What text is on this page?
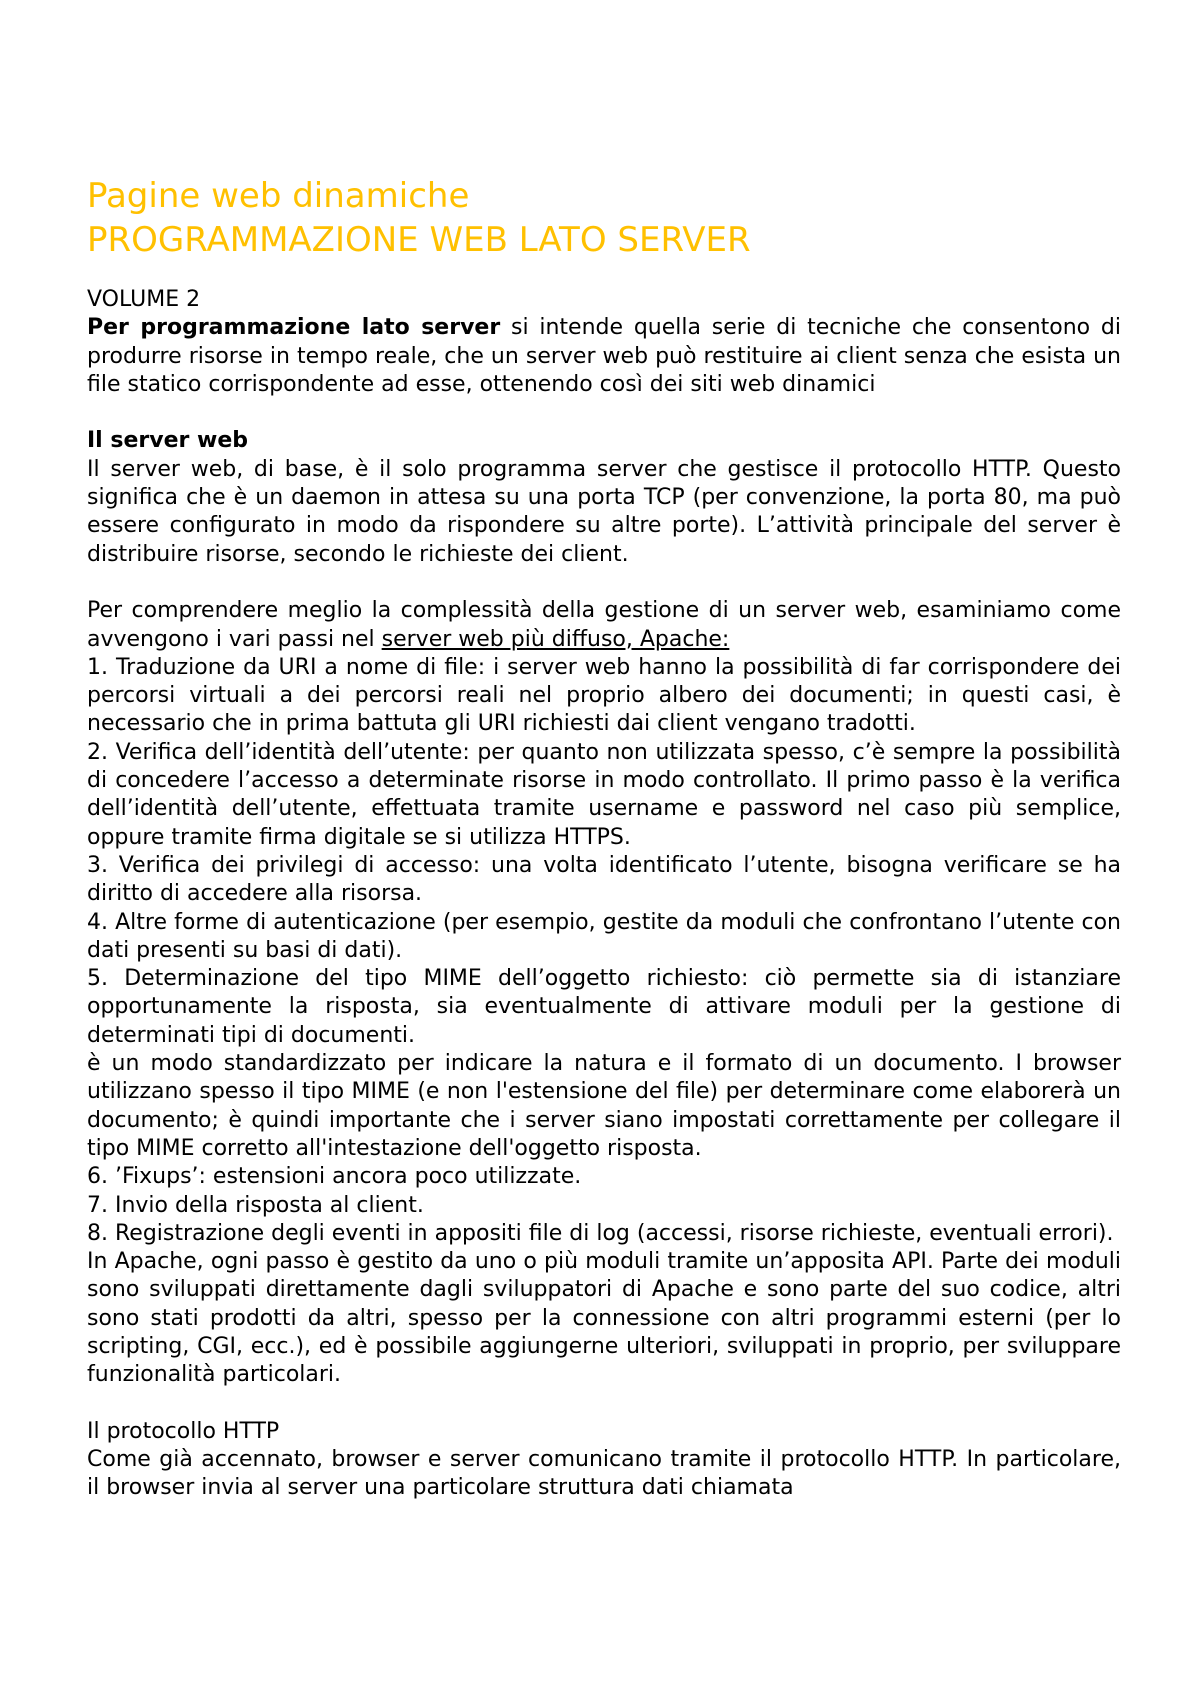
Pagine web dinamiche
PROGRAMMAZIONE WEB LATO SERVER

VOLUME 2

Per programmazione lato server si intende quella serie di tecniche che consentono di produrre risorse in tempo reale, che un server web può restituire ai client senza che esista un file statico corrispondente ad esse, ottenendo così dei siti web dinamici

Il server web

Il server web, di base, è il solo programma server che gestisce il protocollo HTTP. Questo significa che è un daemon in attesa su una porta TCP (per convenzione, la porta 80, ma può essere configurato in modo da rispondere su altre porte). L’attività principale del server è distribuire risorse, secondo le richieste dei client.

Per comprendere meglio la complessità della gestione di un server web, esaminiamo come avvengono i vari passi nel server web più diffuso, Apache:

1. Traduzione da URI a nome di file: i server web hanno la possibilità di far corrispondere dei percorsi virtuali a dei percorsi reali nel proprio albero dei documenti; in questi casi, è necessario che in prima battuta gli URI richiesti dai client vengano tradotti.

2. Verifica dell’identità dell’utente: per quanto non utilizzata spesso, c’è sempre la possibilità di concedere l’accesso a determinate risorse in modo controllato. Il primo passo è la verifica dell’identità dell’utente, effettuata tramite username e password nel caso più semplice, oppure tramite firma digitale se si utilizza HTTPS.

3. Verifica dei privilegi di accesso: una volta identificato l’utente, bisogna verificare se ha diritto di accedere alla risorsa.

4. Altre forme di autenticazione (per esempio, gestite da moduli che confrontano l’utente con dati presenti su basi di dati).

5. Determinazione del tipo MIME dell’oggetto richiesto: ciò permette sia di istanziare opportunamente la risposta, sia eventualmente di attivare moduli per la gestione di determinati tipi di documenti.

è un modo standardizzato per indicare la natura e il formato di un documento. I browser utilizzano spesso il tipo MIME (e non l'estensione del file) per determinare come elaborerà un documento; è quindi importante che i server siano impostati correttamente per collegare il tipo MIME corretto all'intestazione dell'oggetto risposta.

6. ’Fixups’: estensioni ancora poco utilizzate.

7. Invio della risposta al client.

8. Registrazione degli eventi in appositi file di log (accessi, risorse richieste, eventuali errori).

In Apache, ogni passo è gestito da uno o più moduli tramite un’apposita API. Parte dei moduli sono sviluppati direttamente dagli sviluppatori di Apache e sono parte del suo codice, altri sono stati prodotti da altri, spesso per la connessione con altri programmi esterni (per lo scripting, CGI, ecc.), ed è possibile aggiungerne ulteriori, sviluppati in proprio, per sviluppare funzionalità particolari.

Il protocollo HTTP

Come già accennato, browser e server comunicano tramite il protocollo HTTP. In particolare, il browser invia al server una particolare struttura dati chiamata
